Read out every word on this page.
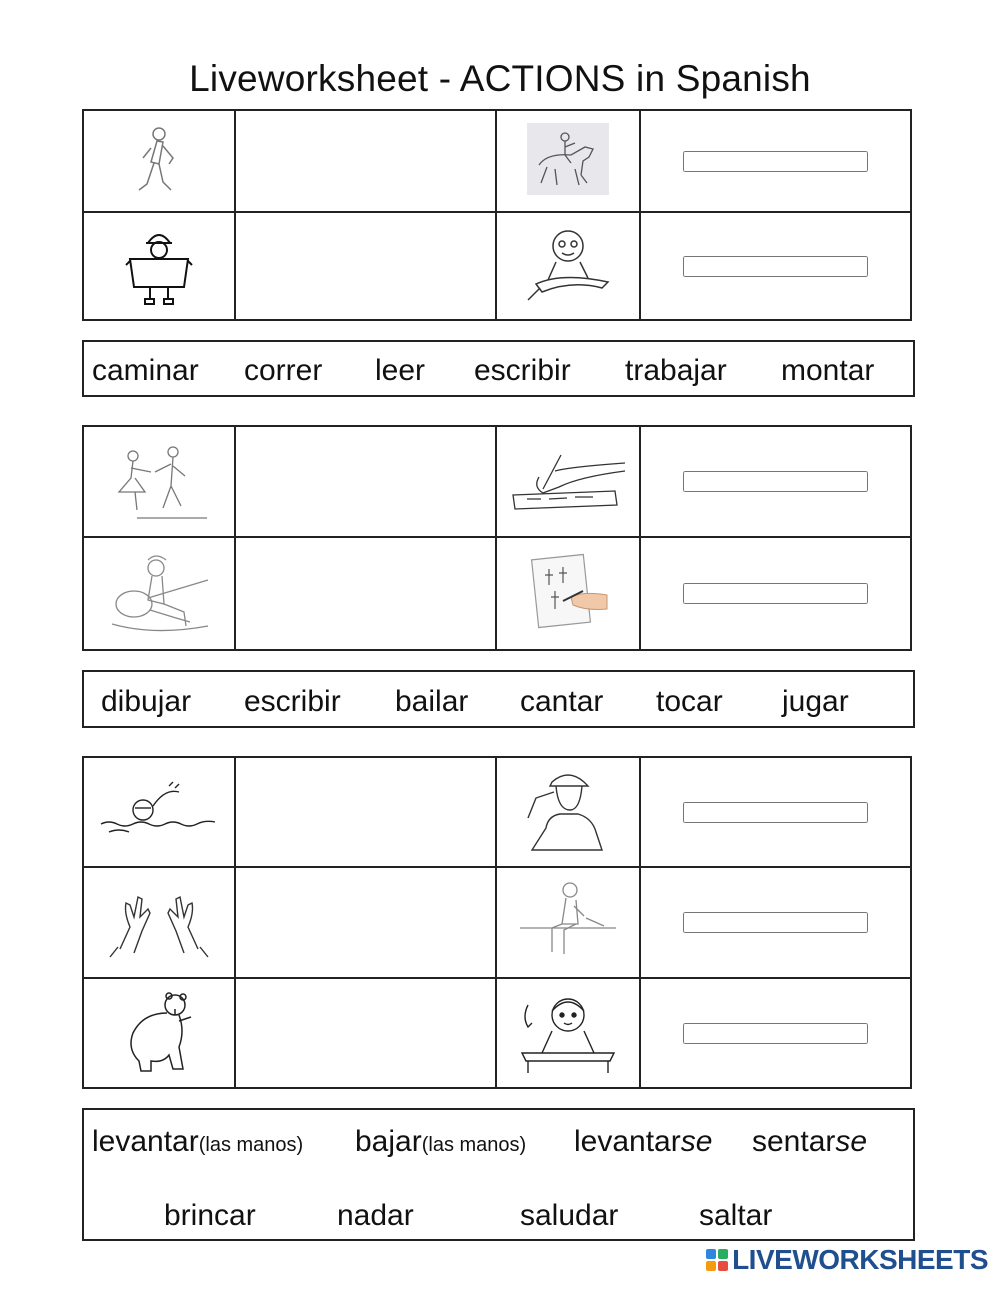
Liveworksheet - ACTIONS in Spanish

caminar correr leer escribir trabajar montar

dibujar escribir bailar cantar tocar jugar

levantar(las manos) bajar(las manos) levantarse sentarse
brincar	nadar	saludar	saltar
LIVEWORKSHEETS
